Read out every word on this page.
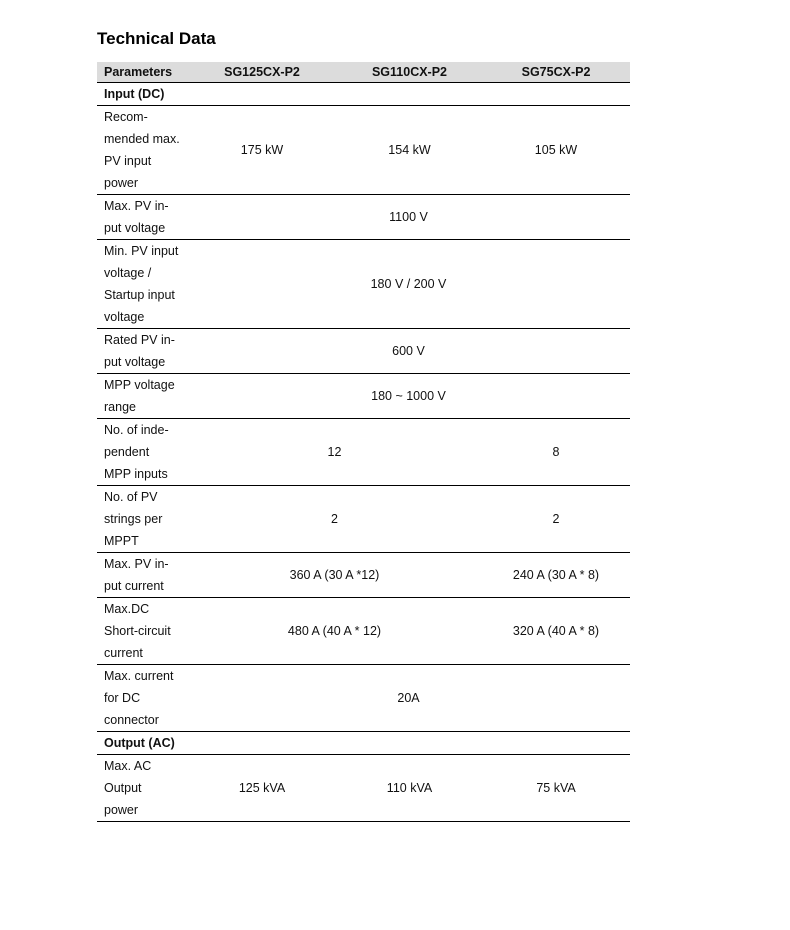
Technical Data
Parameters	SG125CX-P2	SG110CX-P2	SG75CX-P2
Input (DC)			

Recom-
mended max.
PV input
power	175 kW	154 kW	105 kW

Max. PV in-
put voltage	1100 V		

Min. PV input
voltage /
Startup input
voltage	180 V / 200 V		

Rated PV in-
put voltage	600 V		

MPP voltage
range	180 ~ 1000 V		

No. of inde-
pendent
MPP inputs	12		8

No. of PV
strings per
MPPT	2		2

Max. PV in-
put current	360 A (30 A *12)		240 A (30 A * 8)

Max.DC
Short-circuit
current	480 A (40 A * 12)		320 A (40 A * 8)

Max. current
for DC
connector	20A		
Output (AC)			

Max. AC
Output
power	125 kVA	110 kVA	75 kVA
